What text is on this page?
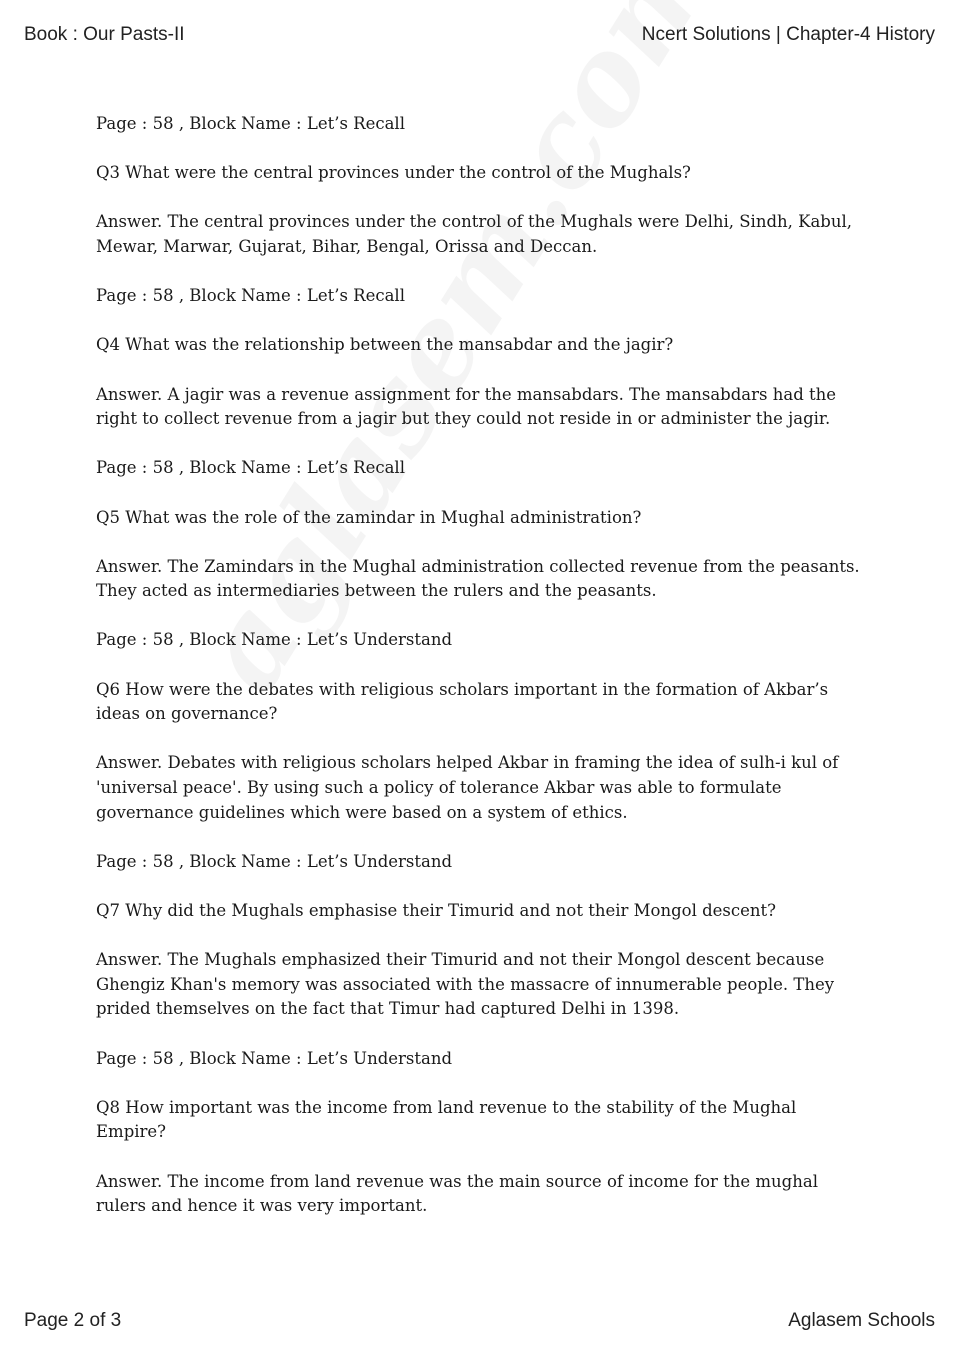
Book : Our Pasts-II	Ncert Solutions | Chapter-4 History

Page : 58 , Block Name : Let’s Recall

Q3 What were the central provinces under the control of the Mughals?

Answer. The central provinces under the control of the Mughals were Delhi, Sindh, Kabul, Mewar, Marwar, Gujarat, Bihar, Bengal, Orissa and Deccan.

Page : 58 , Block Name : Let’s Recall

Q4 What was the relationship between the mansabdar and the jagir?

Answer. A jagir was a revenue assignment for the mansabdars. The mansabdars had the right to collect revenue from a jagir but they could not reside in or administer the jagir.

Page : 58 , Block Name : Let’s Recall

Q5 What was the role of the zamindar in Mughal administration?

Answer. The Zamindars in the Mughal administration collected revenue from the peasants. They acted as intermediaries between the rulers and the peasants.

Page : 58 , Block Name : Let’s Understand

Q6 How were the debates with religious scholars important in the formation of Akbar’s ideas on governance?

Answer. Debates with religious scholars helped Akbar in framing the idea of sulh-i kul of 'universal peace'. By using such a policy of tolerance Akbar was able to formulate governance guidelines which were based on a system of ethics.

Page : 58 , Block Name : Let’s Understand

Q7 Why did the Mughals emphasise their Timurid and not their Mongol descent?

Answer. The Mughals emphasized their Timurid and not their Mongol descent because Ghengiz Khan's memory was associated with the massacre of innumerable people. They prided themselves on the fact that Timur had captured Delhi in 1398.

Page : 58 , Block Name : Let’s Understand

Q8 How important was the income from land revenue to the stability of the Mughal Empire?

Answer. The income from land revenue was the main source of income for the mughal rulers and hence it was very important.

Page 2 of 3	Aglasem Schools
